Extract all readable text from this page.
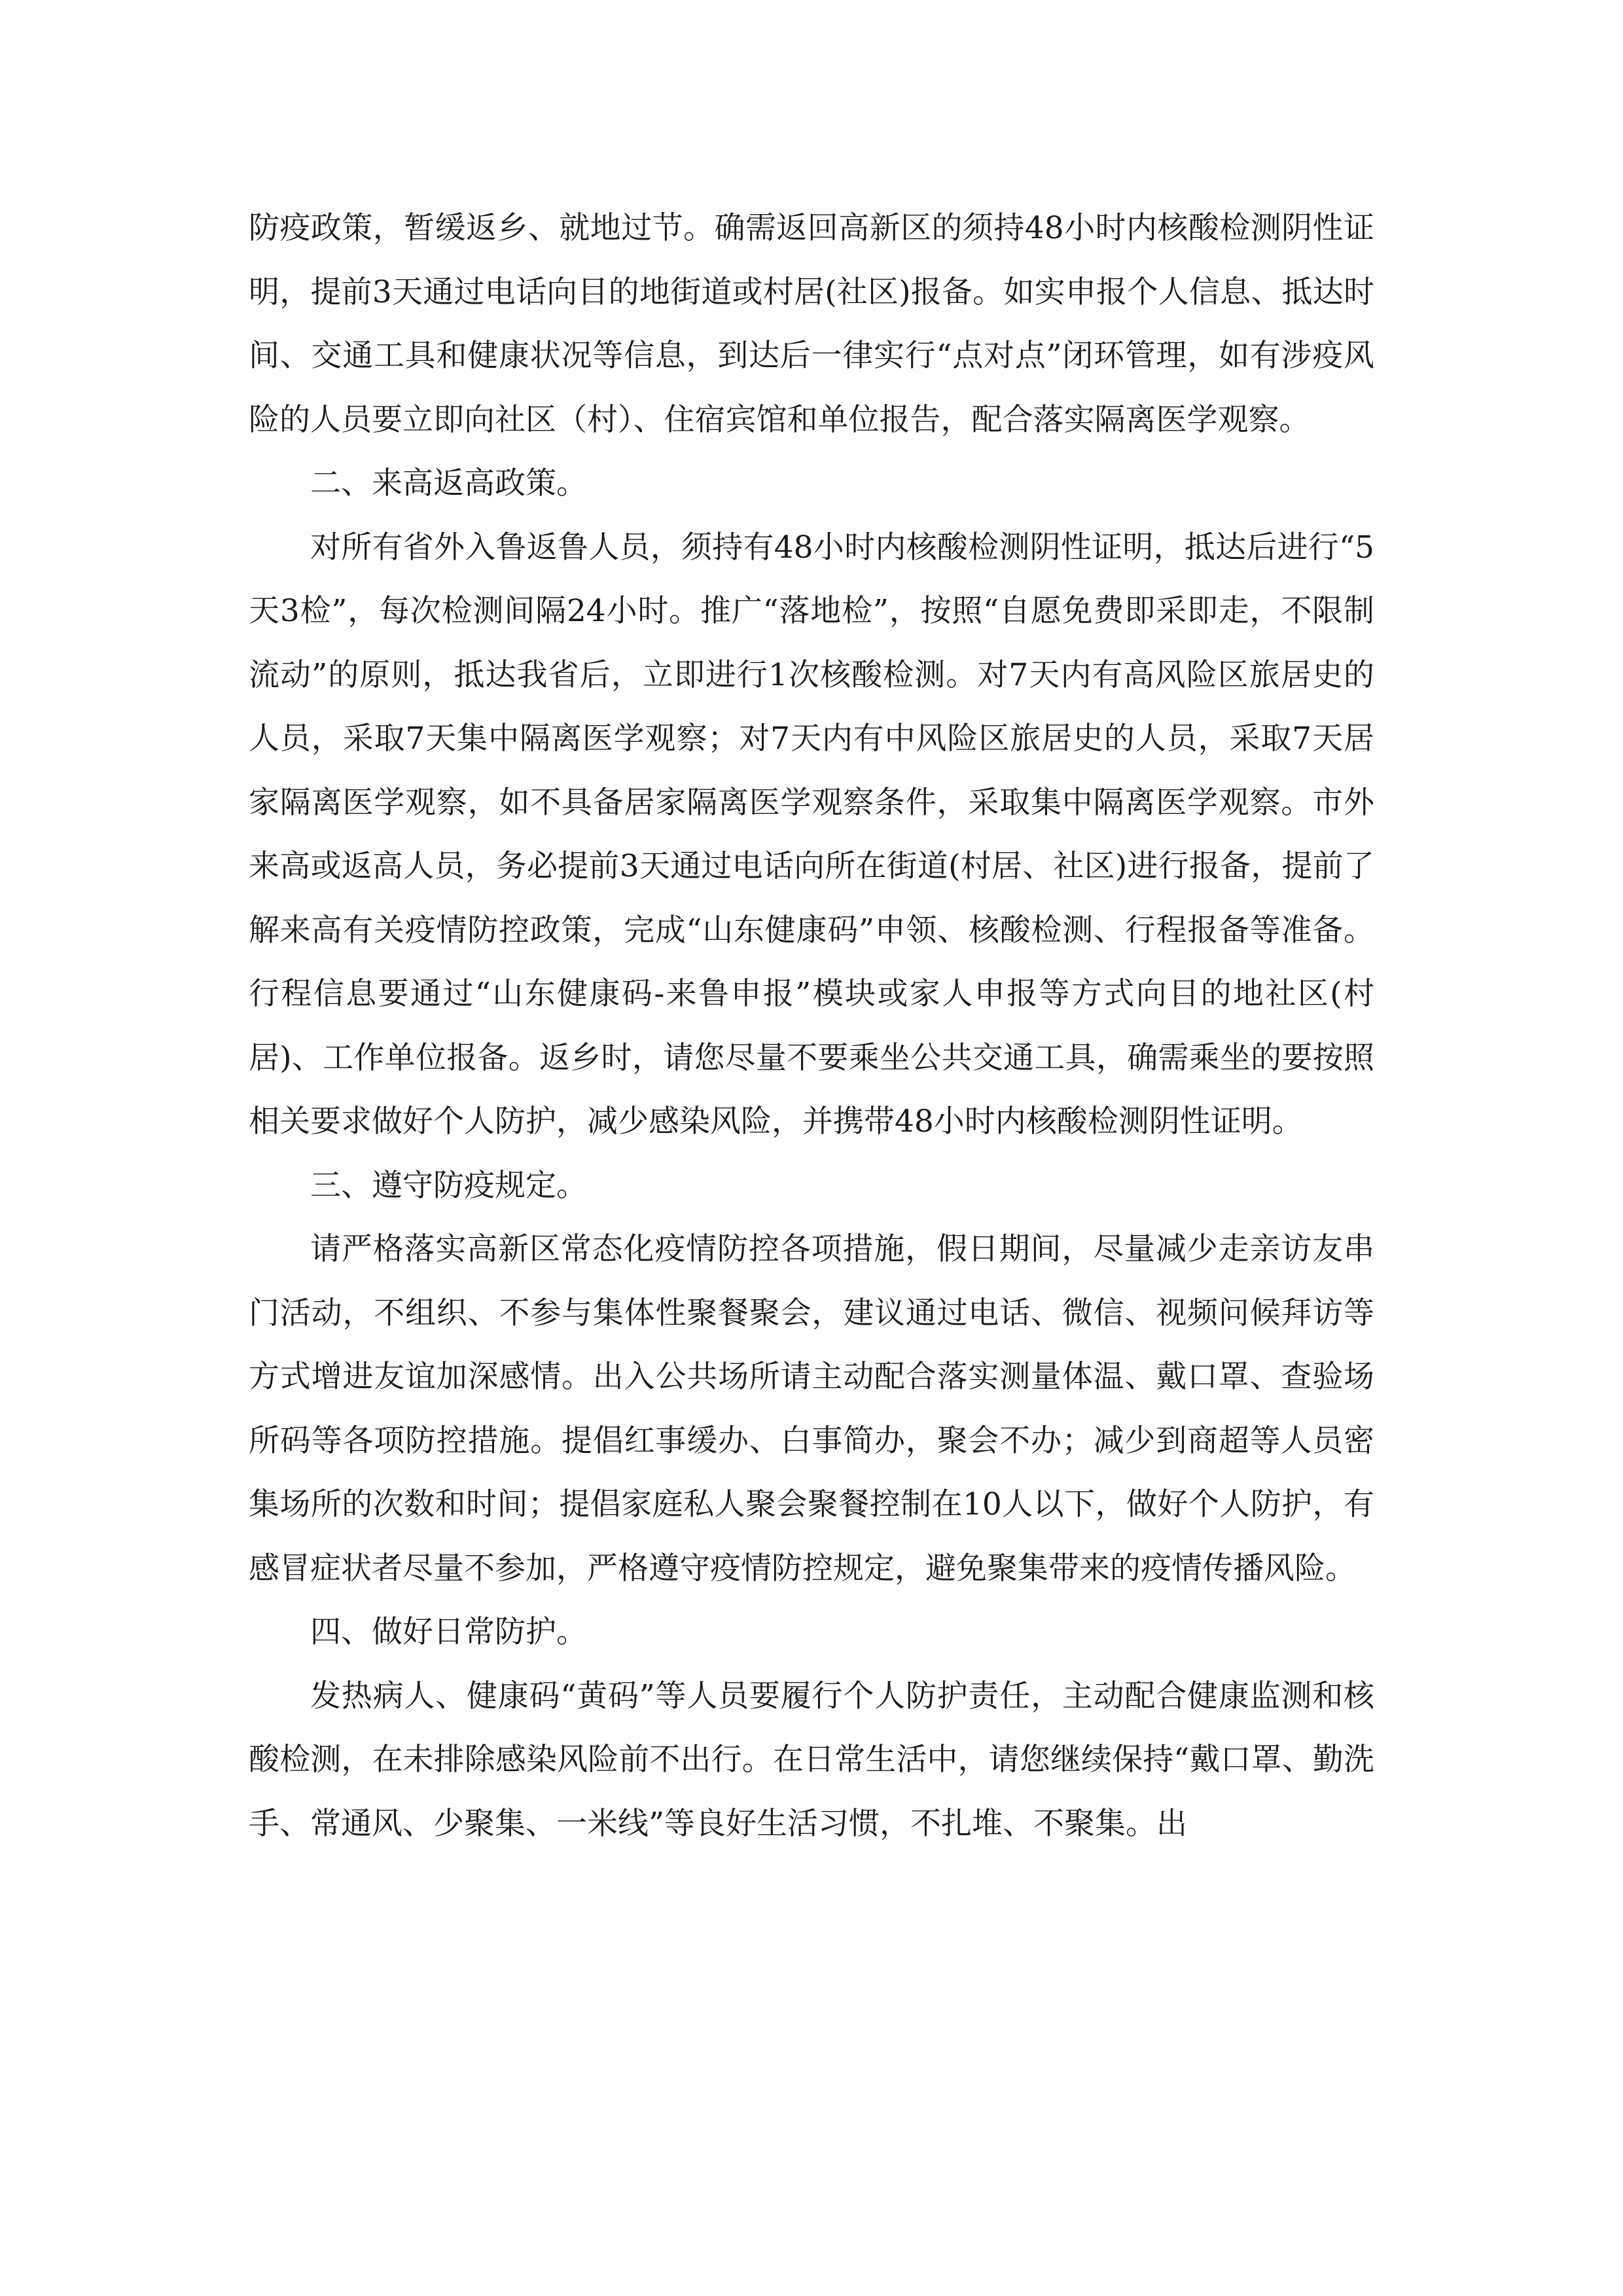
防疫政策，暂缓返乡、就地过节。确需返回高新区的须持48小时内核酸检测阴性证明，提前3天通过电话向目的地街道或村居(社区)报备。如实申报个人信息、抵达时间、交通工具和健康状况等信息，到达后一律实行“点对点”闭环管理，如有涉疫风险的人员要立即向社区（村）、住宿宾馆和单位报告，配合落实隔离医学观察。

二、来高返高政策。

对所有省外入鲁返鲁人员，须持有48小时内核酸检测阴性证明，抵达后进行“5天3检”，每次检测间隔24小时。推广“落地检”，按照“自愿免费即采即走，不限制流动”的原则，抵达我省后，立即进行1次核酸检测。对7天内有高风险区旅居史的人员，采取7天集中隔离医学观察；对7天内有中风险区旅居史的人员，采取7天居家隔离医学观察，如不具备居家隔离医学观察条件，采取集中隔离医学观察。市外来高或返高人员，务必提前3天通过电话向所在街道(村居、社区)进行报备，提前了解来高有关疫情防控政策，完成“山东健康码”申领、核酸检测、行程报备等准备。行程信息要通过“山东健康码-来鲁申报”模块或家人申报等方式向目的地社区(村居)、工作单位报备。返乡时，请您尽量不要乘坐公共交通工具，确需乘坐的要按照相关要求做好个人防护，减少感染风险，并携带48小时内核酸检测阴性证明。

三、遵守防疫规定。

请严格落实高新区常态化疫情防控各项措施，假日期间，尽量减少走亲访友串门活动，不组织、不参与集体性聚餐聚会，建议通过电话、微信、视频问候拜访等方式增进友谊加深感情。出入公共场所请主动配合落实测量体温、戴口罩、查验场所码等各项防控措施。提倡红事缓办、白事简办，聚会不办；减少到商超等人员密集场所的次数和时间；提倡家庭私人聚会聚餐控制在10人以下，做好个人防护，有感冒症状者尽量不参加，严格遵守疫情防控规定，避免聚集带来的疫情传播风险。

四、做好日常防护。

发热病人、健康码“黄码”等人员要履行个人防护责任，主动配合健康监测和核酸检测，在未排除感染风险前不出行。在日常生活中，请您继续保持“戴口罩、勤洗手、常通风、少聚集、一米线”等良好生活习惯，不扎堆、不聚集。出
